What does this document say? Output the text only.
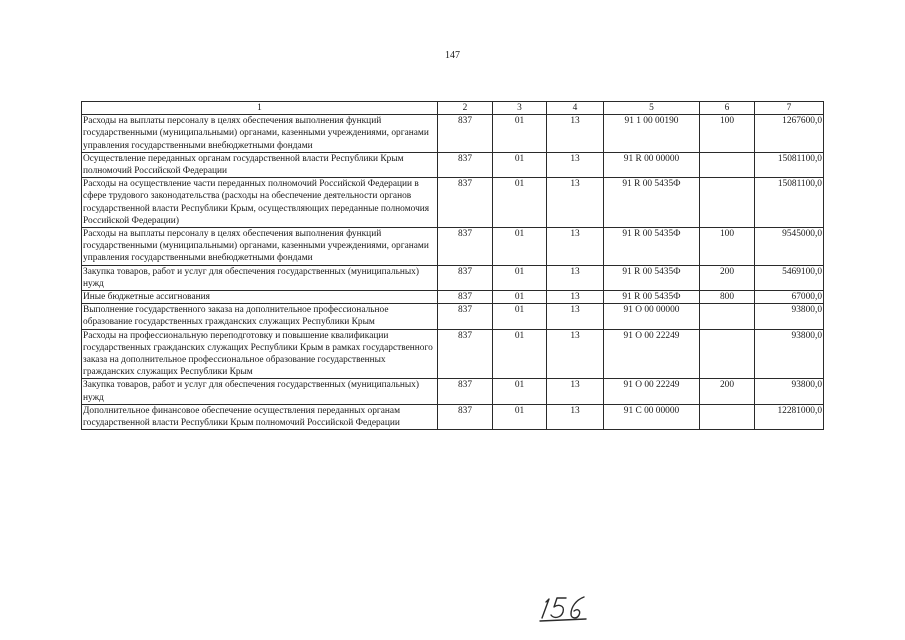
147
1	2	3	4	5	6	7
Расходы на выплаты персоналу в целях обеспечения выполнения функций государственными (муниципальными) органами, казенными учреждениями, органами управления государственными внебюджетными фондами	837	01	13	91 1 00 00190	100	1267600,0
Осуществление переданных органам государственной власти Республики Крым полномочий Российской Федерации	837	01	13	91 R 00 00000		15081100,0
Расходы на осуществление части переданных полномочий Российской Федерации в сфере трудового законодательства (расходы на обеспечение деятельности органов государственной власти Республики Крым, осуществляющих переданные полномочия Российской Федерации)	837	01	13	91 R 00 5435Ф		15081100,0
Расходы на выплаты персоналу в целях обеспечения выполнения функций государственными (муниципальными) органами, казенными учреждениями, органами управления государственными внебюджетными фондами	837	01	13	91 R 00 5435Ф	100	9545000,0
Закупка товаров, работ и услуг для обеспечения государственных (муниципальных) нужд	837	01	13	91 R 00 5435Ф	200	5469100,0
Иные бюджетные ассигнования	837	01	13	91 R 00 5435Ф	800	67000,0
Выполнение государственного заказа на дополнительное профессиональное образование государственных гражданских служащих Республики Крым	837	01	13	91 О 00 00000		93800,0
Расходы на профессиональную переподготовку и повышение квалификации государственных гражданских служащих Республики Крым в рамках государственного заказа на дополнительное профессиональное образование государственных гражданских служащих Республики Крым	837	01	13	91 О 00 22249		93800,0
Закупка товаров, работ и услуг для обеспечения государственных (муниципальных) нужд	837	01	13	91 О 00 22249	200	93800,0
Дополнительное финансовое обеспечение осуществления переданных органам государственной власти Республики Крым полномочий Российской Федерации	837	01	13	91 С 00 00000		12281000,0
